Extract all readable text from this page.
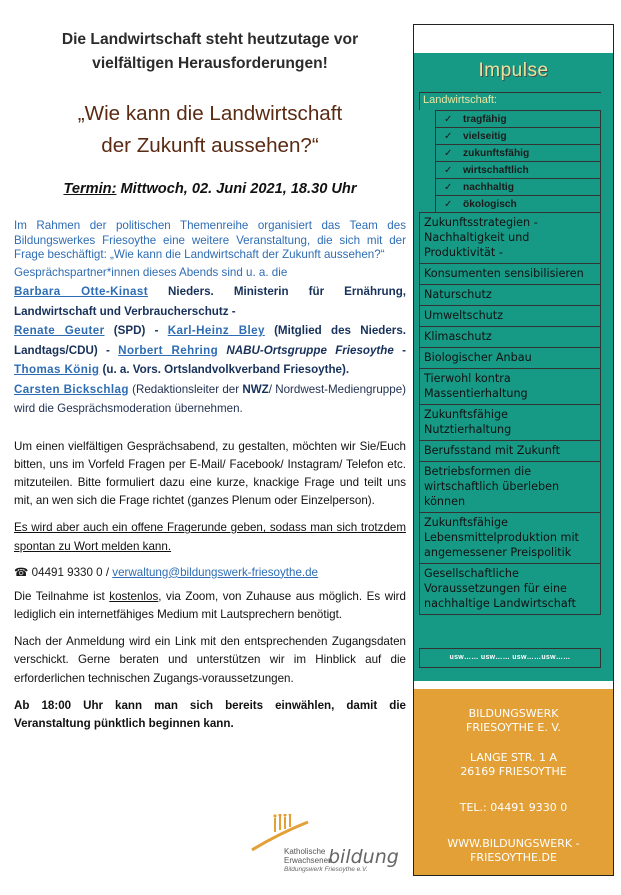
Die Landwirtschaft steht heutzutage vor
vielfältigen Herausforderungen!
„Wie kann die Landwirtschaft
der Zukunft aussehen?“
Termin: Mittwoch, 02. Juni 2021, 18.30 Uhr
Im Rahmen der politischen Themenreihe organisiert das Team des Bildungswerkes Friesoythe eine weitere Veranstaltung, die sich mit der Frage beschäftigt: „Wie kann die Landwirtschaft der Zukunft aussehen?“
Gesprächspartner*innen dieses Abends sind u. a. die
Barbara Otte-Kinast Nieders. Ministerin für Ernährung, Landwirtschaft und Verbraucherschutz -
Renate Geuter (SPD) - Karl-Heinz Bley (Mitglied des Nieders. Landtags/CDU) - Norbert Rehring NABU-Ortsgruppe Friesoythe - Thomas König (u. a. Vors. Ortslandvolkverband Friesoythe).
Carsten Bickschlag (Redaktionsleiter der NWZ/ Nordwest-Mediengruppe) wird die Gesprächsmoderation übernehmen.
Um einen vielfältigen Gesprächsabend, zu gestalten, möchten wir Sie/Euch bitten, uns im Vorfeld Fragen per E-Mail/ Facebook/ Instagram/ Telefon etc. mitzuteilen. Bitte formuliert dazu eine kurze, knackige Frage und teilt uns mit, an wen sich die Frage richtet (ganzes Plenum oder Einzelperson).
Es wird aber auch ein offene Fragerunde geben, sodass man sich trotzdem spontan zu Wort melden kann.
☎ 04491 9330 0 / verwaltung@bildungswerk-friesoythe.de
Die Teilnahme ist kostenlos, via Zoom, von Zuhause aus möglich. Es wird lediglich ein internetfähiges Medium mit Lautsprechern benötigt.
Nach der Anmeldung wird ein Link mit den entsprechenden Zugangsdaten verschickt. Gerne beraten und unterstützen wir im Hinblick auf die erforderlichen technischen Zugangs-voraussetzungen.
Ab 18:00 Uhr kann man sich bereits einwählen, damit die Veranstaltung pünktlich beginnen kann.
Katholische
Erwachsenen
bildung
Bildungswerk Friesoythe e.V.
Impulse
Landwirtschaft:
✓ tragfähig
✓ vielseitig
✓ zukunftsfähig
✓ wirtschaftlich
✓ nachhaltig
✓ ökologisch
Zukunftsstrategien - Nachhaltigkeit und Produktivität -
Konsumenten sensibilisieren
Naturschutz
Umweltschutz
Klimaschutz
Biologischer Anbau
Tierwohl kontra Massentierhaltung
Zukunftsfähige Nutztierhaltung
Berufsstand mit Zukunft
Betriebsformen die wirtschaftlich überleben können
Zukunftsfähige Lebensmittelproduktion mit angemessener Preispolitik
Gesellschaftliche Voraussetzungen für eine nachhaltige Landwirtschaft
usw…… usw…… usw……usw……
BILDUNGSWERK
FRIESOYTHE E. V.
LANGE STR. 1 A
26169 FRIESOYTHE
TEL.: 04491 9330 0
WWW.BILDUNGSWERK -
FRIESOYTHE.DE
